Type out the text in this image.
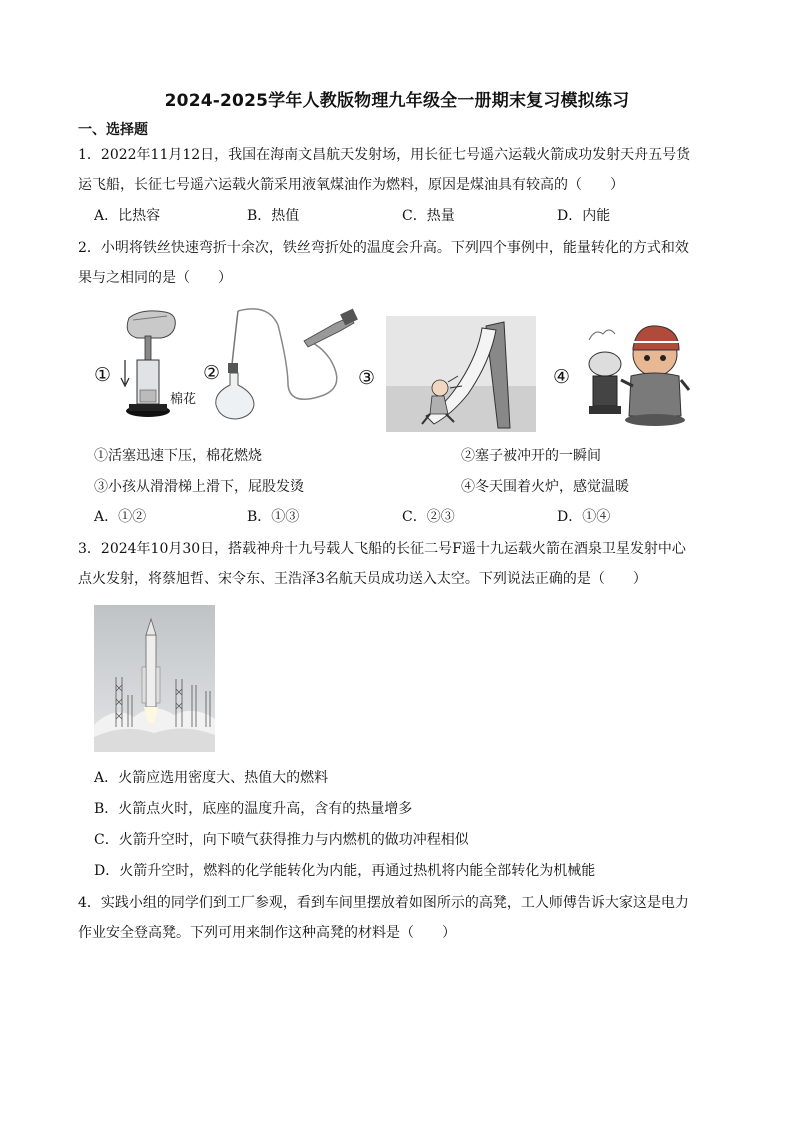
2024-2025学年人教版物理九年级全一册期末复习模拟练习
一、选择题
1．2022年11月12日，我国在海南文昌航天发射场，用长征七号遥六运载火箭成功发射天舟五号货
运飞船，长征七号遥六运载火箭采用液氧煤油作为燃料，原因是煤油具有较高的（　　）
A．比热容	B．热值	C．热量	D．内能
2．小明将铁丝快速弯折十余次，铁丝弯折处的温度会升高。下列四个事例中，能量转化的方式和效
果与之相同的是（　　）
①	②	③	④
棉花
①活塞迅速下压，棉花燃烧	②塞子被冲开的一瞬间
③小孩从滑滑梯上滑下，屁股发烫	④冬天围着火炉，感觉温暖
A．①②	B．①③	C．②③	D．①④
3．2024年10月30日，搭载神舟十九号载人飞船的长征二号F遥十九运载火箭在酒泉卫星发射中心
点火发射，将蔡旭哲、宋令东、王浩泽3名航天员成功送入太空。下列说法正确的是（　　）
A．火箭应选用密度大、热值大的燃料
B．火箭点火时，底座的温度升高，含有的热量增多
C．火箭升空时，向下喷气获得推力与内燃机的做功冲程相似
D．火箭升空时，燃料的化学能转化为内能，再通过热机将内能全部转化为机械能
4．实践小组的同学们到工厂参观，看到车间里摆放着如图所示的高凳，工人师傅告诉大家这是电力
作业安全登高凳。下列可用来制作这种高凳的材料是（　　）
